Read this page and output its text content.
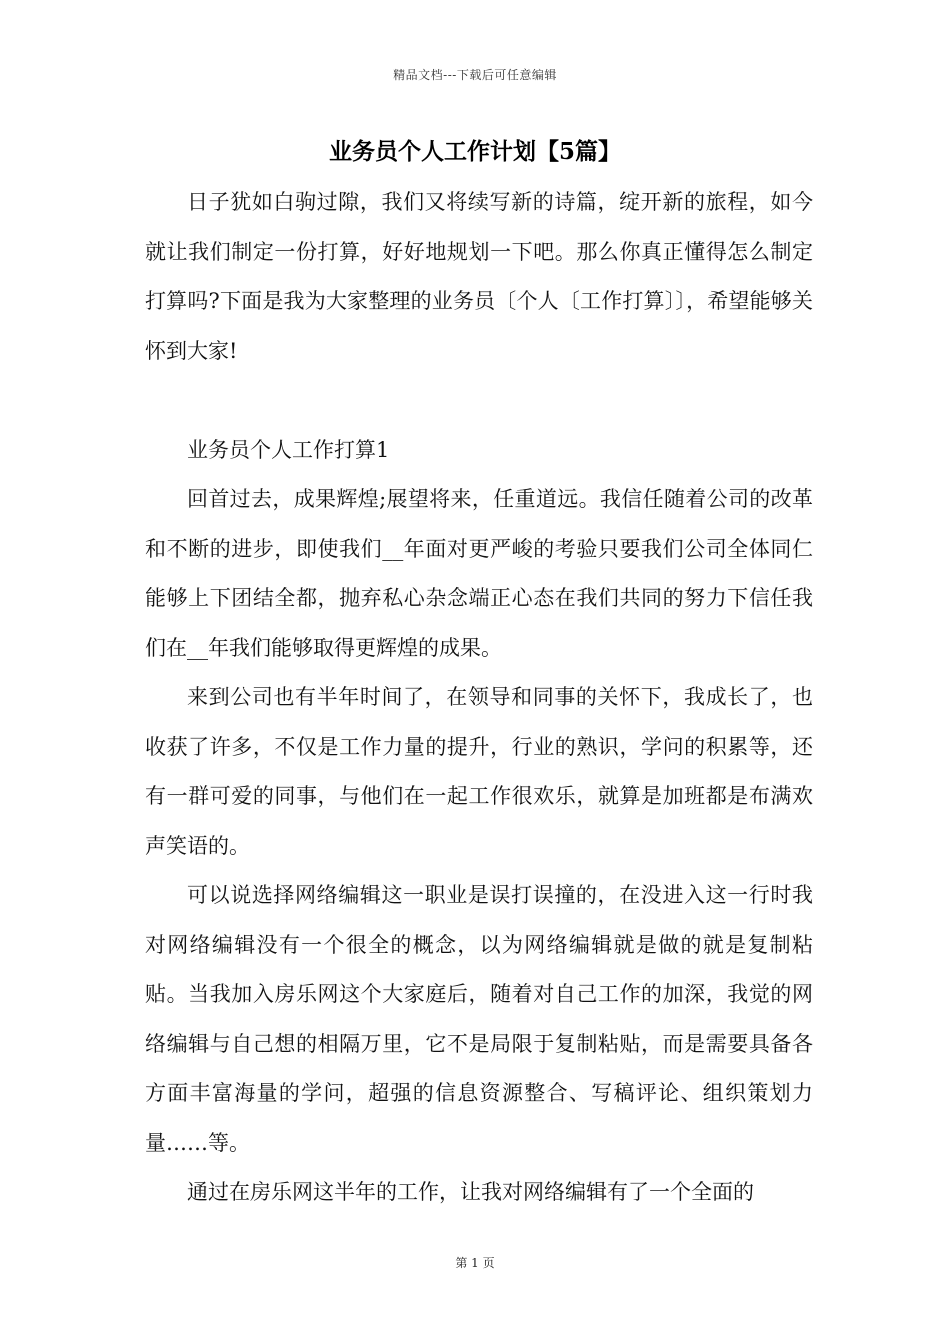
精品文档---下载后可任意编辑
业务员个人工作计划【5篇】

日子犹如白驹过隙，我们又将续写新的诗篇，绽开新的旅程，如今就让我们制定一份打算，好好地规划一下吧。那么你真正懂得怎么制定打算吗?下面是我为大家整理的业务员〔个人〔工作打算〕〕，希望能够关怀到大家!

业务员个人工作打算1

回首过去，成果辉煌;展望将来，任重道远。我信任随着公司的改革和不断的进步，即使我们__年面对更严峻的考验只要我们公司全体同仁能够上下团结全都，抛弃私心杂念端正心态在我们共同的努力下信任我们在__年我们能够取得更辉煌的成果。

来到公司也有半年时间了，在领导和同事的关怀下，我成长了，也收获了许多，不仅是工作力量的提升，行业的熟识，学问的积累等，还有一群可爱的同事，与他们在一起工作很欢乐，就算是加班都是布满欢声笑语的。

可以说选择网络编辑这一职业是误打误撞的，在没进入这一行时我对网络编辑没有一个很全的概念，以为网络编辑就是做的就是复制粘贴。当我加入房乐网这个大家庭后，随着对自己工作的加深，我觉的网络编辑与自己想的相隔万里，它不是局限于复制粘贴，而是需要具备各方面丰富海量的学问，超强的信息资源整合、写稿评论、组织策划力量……等。

通过在房乐网这半年的工作，让我对网络编辑有了一个全面的

第 1 页
